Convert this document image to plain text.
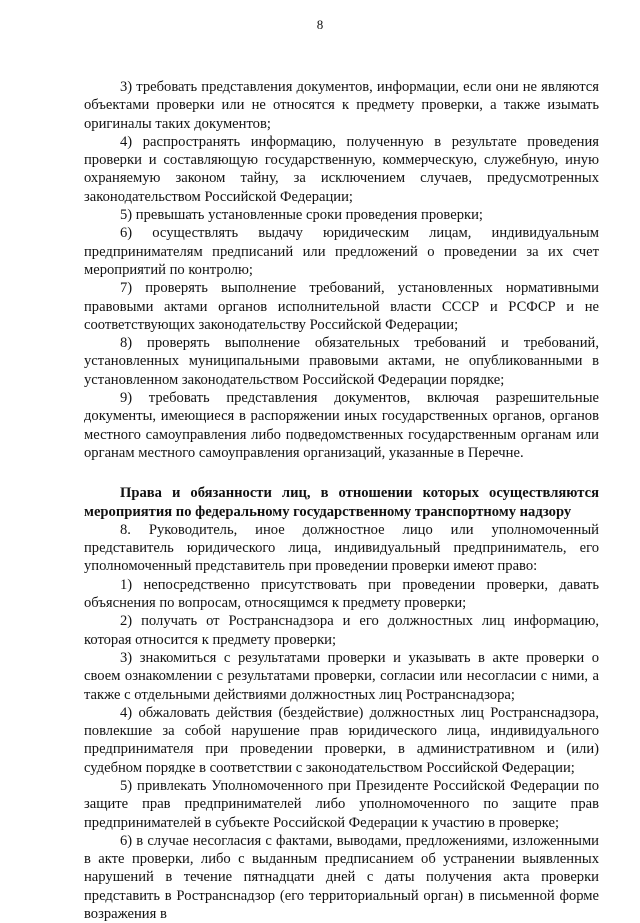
8

3) требовать представления документов, информации, если они не являются объектами проверки или не относятся к предмету проверки, а также изымать оригиналы таких документов;

4) распространять информацию, полученную в результате проведения проверки и составляющую государственную, коммерческую, служебную, иную охраняемую законом тайну, за исключением случаев, предусмотренных законодательством Российской Федерации;

5) превышать установленные сроки проведения проверки;

6) осуществлять выдачу юридическим лицам, индивидуальным предпринимателям предписаний или предложений о проведении за их счет мероприятий по контролю;

7) проверять выполнение требований, установленных нормативными правовыми актами органов исполнительной власти СССР и РСФСР и не соответствующих законодательству Российской Федерации;

8) проверять выполнение обязательных требований и требований, установленных муниципальными правовыми актами, не опубликованными в установленном законодательством Российской Федерации порядке;

9) требовать представления документов, включая разрешительные документы, имеющиеся в распоряжении иных государственных органов, органов местного самоуправления либо подведомственных государственным органам или органам местного самоуправления организаций, указанные в Перечне.

Права и обязанности лиц, в отношении которых осуществляются мероприятия по федеральному государственному транспортному надзору

8. Руководитель, иное должностное лицо или уполномоченный представитель юридического лица, индивидуальный предприниматель, его уполномоченный представитель при проведении проверки имеют право:

1) непосредственно присутствовать при проведении проверки, давать объяснения по вопросам, относящимся к предмету проверки;

2) получать от Ространснадзора и его должностных лиц информацию, которая относится к предмету проверки;

3) знакомиться с результатами проверки и указывать в акте проверки о своем ознакомлении с результатами проверки, согласии или несогласии с ними, а также с отдельными действиями должностных лиц Ространснадзора;

4) обжаловать действия (бездействие) должностных лиц Ространснадзора, повлекшие за собой нарушение прав юридического лица, индивидуального предпринимателя при проведении проверки, в административном и (или) судебном порядке в соответствии с законодательством Российской Федерации;

5) привлекать Уполномоченного при Президенте Российской Федерации по защите прав предпринимателей либо уполномоченного по защите прав предпринимателей в субъекте Российской Федерации к участию в проверке;

6) в случае несогласия с фактами, выводами, предложениями, изложенными в акте проверки, либо с выданным предписанием об устранении выявленных нарушений в течение пятнадцати дней с даты получения акта проверки представить в Ространснадзор (его территориальный орган) в письменной форме возражения в
